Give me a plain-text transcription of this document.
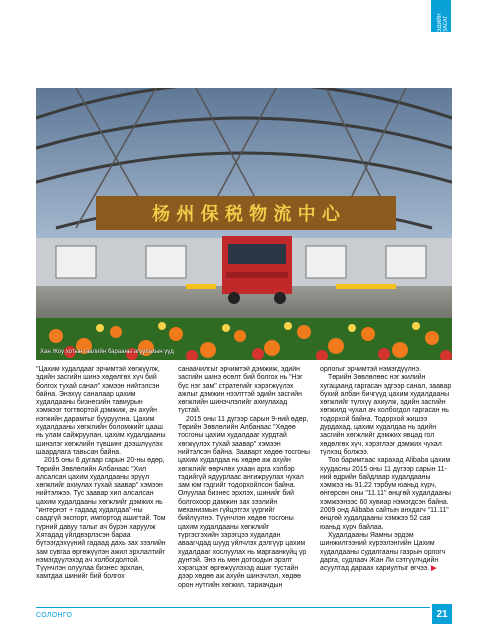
ЭДИЙН ЗАСАГ
杨 州 保 税 物 流 中 心
Хан Жоу хотын гаалийн барааны агуулахын үүд

"Цахим худалдааг эрчимтэй хөгжүүлж, эдийн засгийн шинэ хөдөлгөх хүч бий болгох тухай санал" хэмээн нийтэлсэн байна. Энэхүү саналаар цахим худалдааны бизнесийн тавиурын хэмжээг тогтвортой дэмжиж, ач ахуйн нэгжийн дарамтыг бууруулна. Цахим худалдааны хөгжлийн боломжийг цааш нь улам сайжруулан, цахим худалдааны шинэлэг хөгжлийн түвшинг дээшлүүлэх шаардлага тавьсан байна.

2015 оны 6 дугаар сарын 20-ны өдөр, Төрийн Зөвлөлийн Албанаас "Хил алсалсан цахим худалдааны эрүүл хөгжлийг ахиулах тухай заавар" хэмээн нийтэлжээ. Тус заавар хил алсалсан цахим худалдааны хөгжлийг дэмжих нь "интернэт + гадаад худалдаа"-ны саадгүй экспорт, импортод ашигтай. Том гүрний давуу талыг ач бүрэн харуулж Хятадад үйлдвэрлэсэн бараа бүтээгдэхүүний гадаад дахь зах зээлийн зам сувгаа өргөжүүлэн ажил эрхлалтийг нэмэгдүүлэхэд ач холбогдолтой. Түүнчлэн олуулаа бизнес эрхлан, хамтдаа шинийг бий болгох

санаачилгыг эрчимтэй дэмжиж, эдийн засгийн шинэ өсөлт бий болгох нь "Нэг бүс нэг зам" стратегийг хэрэгжүүлэх ажлыг дэмжин нээлттэй эдийн засгийн хөгжлийн шинэчлэлийг ахиулахад тустай.

2015 оны 11 дүгээр сарын 9-ний өдөр, Төрийн Зөвлөлийн Албанаас "Хөдөө тосгоны цахим худалдааг хурдтай хөгжүүлэх тухай заавар" хэмээн нийтэлсэн байна. Зааварт хөдөө тосгоны цахим худалдаа нь хөдөө аж ахуйн хөгжлийг өөрчлөх ухаан арга хэлбэр тэдийгүй ядуурлаас ангижруулах чухал зам юм гэдгийг тодорхойлсон байна. Олуулаа бизнес эрхлэх, шинийг бий болгохоор дамжин зах зээлийн механизмын гүйцэтгэх үүргийг бийлүүлнэ. Түүнчлэн хөдөө тосгоны цахим худалдааны хөгжлийг түргэсгэхийн зэрэгцээ худалдан аваагчдад шууд үйлчлэх дэлгүүр цахим худалдааг хослуулах нь маргаанкүйц үр дүнтэй. Энэ нь мөн дотоодын эрэлт хэрэгцээг өргөжүүлэхэд ашиг тустайн дээр хөдөө аж ахуйн шинэчлэл, хөдөө орон нутгийн хөгжил, тариачдын

орлогыг эрчимтэй нэмэгдүүлнэ.

Төрийн Зөвлөлөөс нэг жилийн хугацаанд гаргасан эдгээр санал, заавар бүхий албан бичгүүд цахим худалдааны хөгжлийг түлхүү ахиулж, эдийн засгийн хөгжилд чухал ач холбогдол гаргасан нь тодорхой байна. Тодорхой жишээ дурдахад, цахим худалдаа нь эдийн засгийн хөгжлийг дэмжих явцад гол хөдөлгөх хүч, хэрэглээг дэмжих чухал түлхэц болжээ.

Тоо баримтаас харахад Alibaba цахим хуудасны 2015 оны 11 дүгээр сарын 11-ний өдрийн байдлаар худалдааны хэмжээ нь 91.22 тэрбум юаньд хүрч, өнгөрсөн оны "11.11" өнцгөй худалдааны хэмжээнээс 60 хувиар нэмэгдсэн байна. 2009 онд Alibaba сайтын анхдагч "11.11" өнцгөй худалдааны хэмжээ 52 сая юаньд хүрч байлаа.

Худалдааны Яамны эрдэм шинжилгээний хүрээлэнгийн Цахим худалдааны судалгааны газрын орлогч дарга, судлаач Жан Ли сэтгүүлчдийн асуултад дараах хариултыг өгчээ. ▶

СОЛОНГО	21
